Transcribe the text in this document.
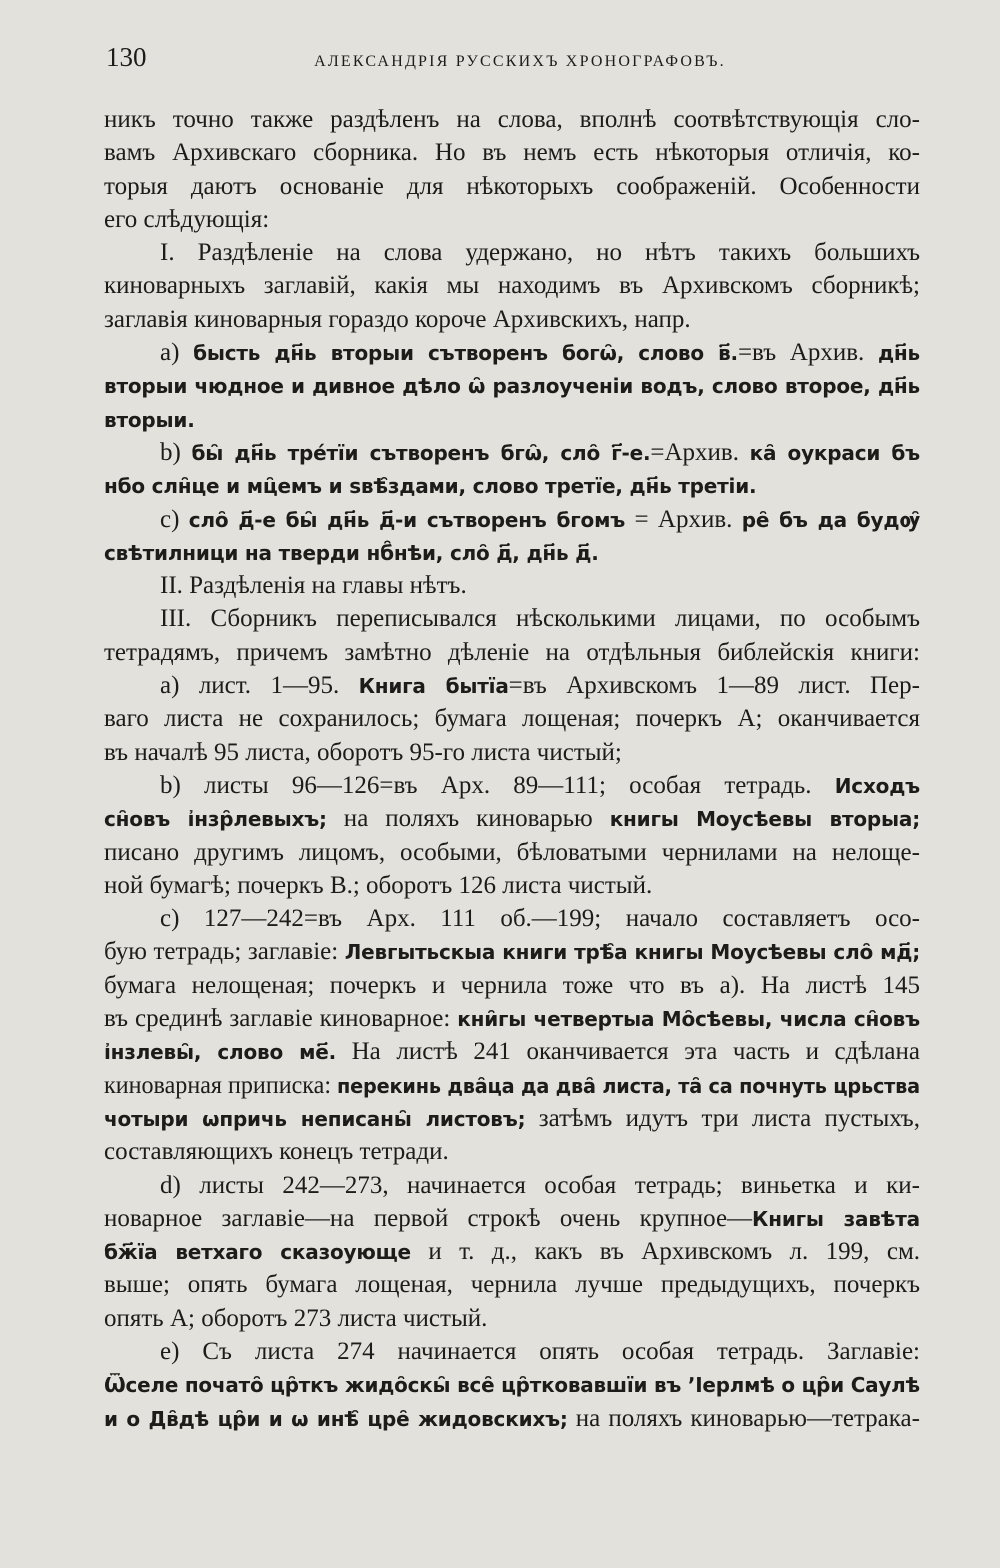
130	АЛЕКСАНДРІЯ РУССКИХЪ ХРОНОГРАФОВЪ.
никъ точно также раздѣленъ на слова, вполнѣ соотвѣтствующія сло-
вамъ Архивскаго сборника. Но въ немъ есть нѣкоторыя отличія, ко-
торыя даютъ основаніе для нѣкоторыхъ соображеній. Особенности
его слѣдующія:
I. Раздѣленіе на слова удержано, но нѣтъ такихъ большихъ
киноварныхъ заглавій, какія мы находимъ въ Архивскомъ сборникѣ;
заглавія киноварныя гораздо короче Архивскихъ, напр.
a) бысть дн҃ь вторыи сътворенъ богѡ̑, слово в҃.=въ Архив. дн҃ь
вторыи чюдное и дивное дѣло ѡ̑ разлоученіи водъ, слово второе, дн҃ь
вторыи.
b) бы̑ дн҃ь тре́тїи сътворенъ бгѡ̑, сло̑ г҃-е.=Архив. ка̑ оукраси бъ
нбо слн̑це и мц̑емъ и ѕвѣ̑здами, слово третїе, дн҃ь третіи.
c) сло̑ д҃-е бы̑ дн҃ь д҃-и сътворенъ бгомъ = Архив. ре̑ бъ да будѹ̑
свѣтилници на тверди нб̑нѣи, сло̑ д҃, дн҃ь д҃.
II. Раздѣленія на главы нѣтъ.
III. Сборникъ переписывался нѣсколькими лицами, по особымъ
тетрадямъ, причемъ замѣтно дѣленіе на отдѣльныя библейскія книги:
a) лист. 1—95. Книга бытїа=въ Архивскомъ 1—89 лист. Пер-
ваго листа не сохранилось; бумага лощеная; почеркъ А; оканчивается
въ началѣ 95 листа, оборотъ 95-го листа чистый;
b) листы 96—126=въ Арх. 89—111; особая тетрадь. Исходъ
сн̑овъ і҆нзр̑левыхъ; на поляхъ киноварью книгы Моусѣевы вторыа;
писано другимъ лицомъ, особыми, бѣловатыми чернилами на нелоще-
ной бумагѣ; почеркъ В.; оборотъ 126 листа чистый.
c) 127—242=въ Арх. 111 об.—199; начало составляетъ осо-
бую тетрадь; заглавіе: Левгытьскыа книги трѣ̑а книгы Моусѣевы сло̑ мд҃;
бумага нелощеная; почеркъ и чернила тоже что въ a). На листѣ 145
въ срединѣ заглавіе киноварное: кни̑гы четвертыа Мо̑сѣевы, числа сн̑овъ
і҆нзлевы̑, слово ме҃. На листѣ 241 оканчивается эта часть и сдѣлана
киноварная приписка: перекинь два̑ца да два̑ листа, та̑ са почнуть црьства
чотыри ѡпричь неписаны̑ листовъ; затѣмъ идутъ три листа пустыхъ,
составляющихъ конецъ тетради.
d) листы 242—273, начинается особая тетрадь; виньетка и ки-
новарное заглавіе—на первой строкѣ очень крупное—Книгы завѣта
бж҃їа ветхаго сказоующе и т. д., какъ въ Архивскомъ л. 199, см.
выше; опять бумага лощеная, чернила лучше предыдущихъ, почеркъ
опять А; оборотъ 273 листа чистый.
e) Съ листа 274 начинается опять особая тетрадь. Заглавіе:
Ѿселе почато̑ цр̑ткъ жидо̑скы̑ все̑ цр̑тковавшїи въ ʼІерлмѣ о цр̑и Саулѣ
и о Дв̑дѣ цр̑и и ѡ инѣ̑ цре̑ жидовскихъ; на поляхъ киноварью—тетрака-
